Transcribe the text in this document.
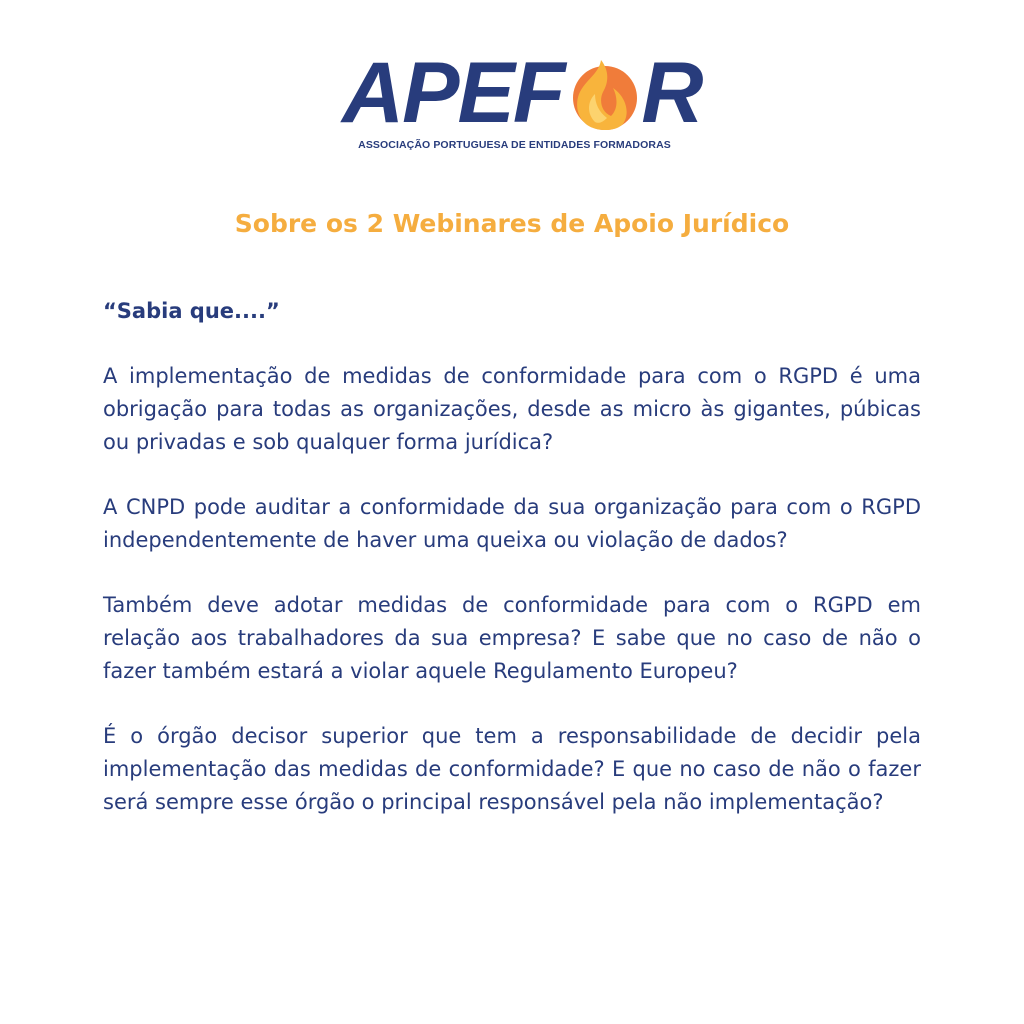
APEF R
ASSOCIAÇÃO PORTUGUESA DE ENTIDADES FORMADORAS
Sobre os 2 Webinares de Apoio Jurídico

“Sabia que....”

A implementação de medidas de conformidade para com o RGPD é uma obrigação para todas as organizações, desde as micro às gigantes, púbicas ou privadas e sob qualquer forma jurídica?

A CNPD pode auditar a conformidade da sua organização para com o RGPD independentemente de haver uma queixa ou violação de dados?

Também deve adotar medidas de conformidade para com o RGPD em relação aos trabalhadores da sua empresa? E sabe que no caso de não o fazer também estará a violar aquele Regulamento Europeu?

É o órgão decisor superior que tem a responsabilidade de decidir pela implementação das medidas de conformidade? E que no caso de não o fazer será sempre esse órgão o principal responsável pela não implementação?
